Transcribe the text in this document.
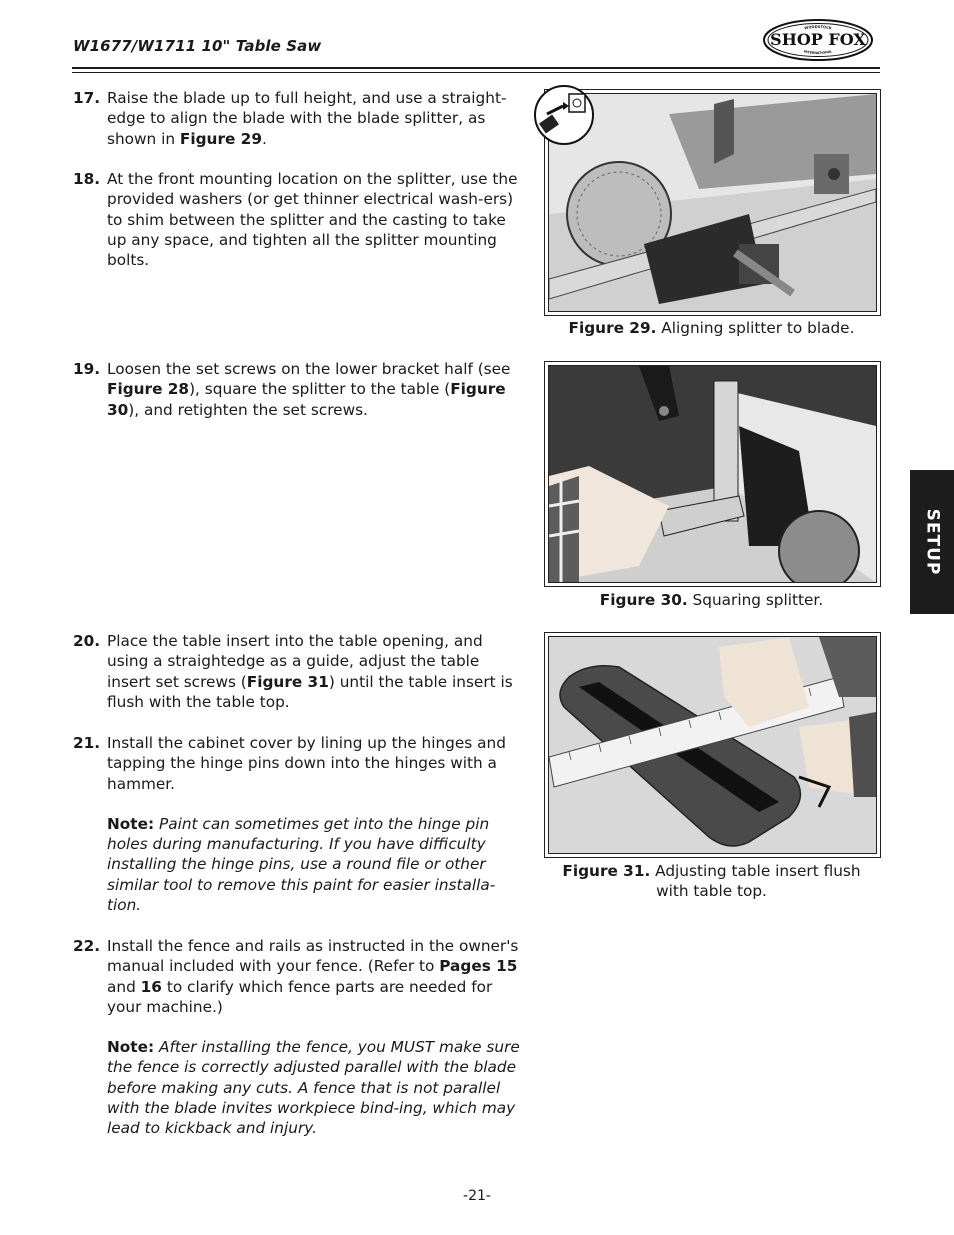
W1677/W1711 10" Table Saw	SHOP FOX
WOODSTOCK
INTERNATIONAL
17. Raise the blade up to full height, and use a straight-edge to align the blade with the blade splitter, as shown in Figure 29.
18. At the front mounting location on the splitter, use the provided washers (or get thinner electrical wash-ers) to shim between the splitter and the casting to take up any space, and tighten all the splitter mounting bolts.
19. Loosen the set screws on the lower bracket half (see Figure 28), square the splitter to the table (Figure 30), and retighten the set screws.
20. Place the table insert into the table opening, and using a straightedge as a guide, adjust the table insert set screws (Figure 31) until the table insert is flush with the table top.
21. Install the cabinet cover by lining up the hinges and tapping the hinge pins down into the hinges with a hammer.
Note: Paint can sometimes get into the hinge pin holes during manufacturing. If you have difficulty installing the hinge pins, use a round file or other similar tool to remove this paint for easier installa-tion.
22. Install the fence and rails as instructed in the owner's manual included with your fence. (Refer to Pages 15 and 16 to clarify which fence parts are needed for your machine.)
Note: After installing the fence, you MUST make sure the fence is correctly adjusted parallel with the blade before making any cuts. A fence that is not parallel with the blade invites workpiece bind-ing, which may lead to kickback and injury.
Figure 29. Aligning splitter to blade.
Figure 30. Squaring splitter.
Figure 31. Adjusting table insert flush with table top.
SETUP
-21-
